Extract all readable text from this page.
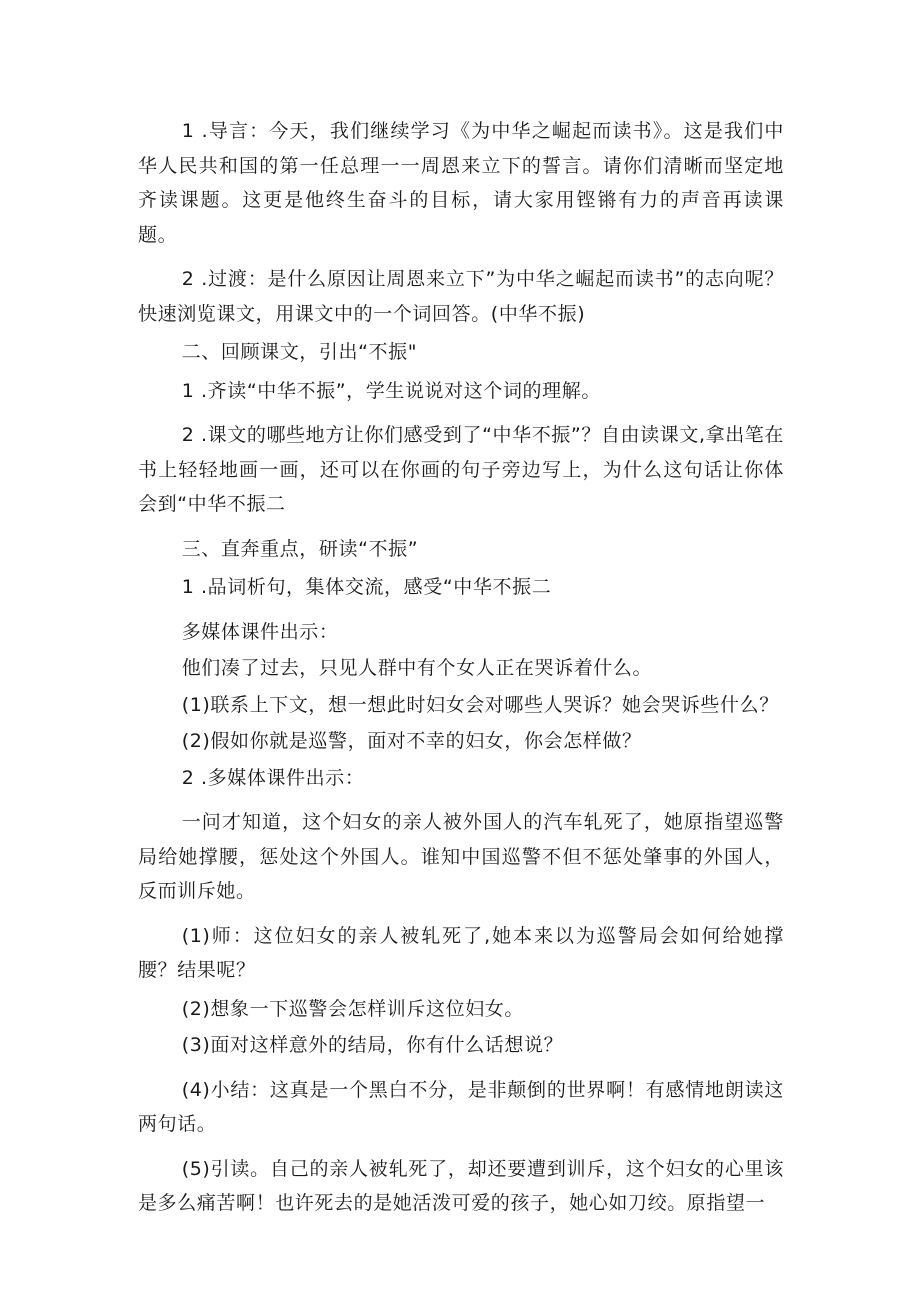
1 .导言：今天，我们继续学习《为中华之崛起而读书》。这是我们中华人民共和国的第一任总理一一周恩来立下的誓言。请你们清晰而坚定地齐读课题。这更是他终生奋斗的目标，请大家用铿锵有力的声音再读课题。

2 .过渡：是什么原因让周恩来立下”为中华之崛起而读书”的志向呢？快速浏览课文，用课文中的一个词回答。(中华不振)

二、回顾课文，引出“不振"

1 .齐读“中华不振”，学生说说对这个词的理解。

2 .课文的哪些地方让你们感受到了“中华不振”？自由读课文,拿出笔在书上轻轻地画一画，还可以在你画的句子旁边写上，为什么这句话让你体会到“中华不振二

三、直奔重点，研读“不振”

1 .品词析句，集体交流，感受“中华不振二

多媒体课件出示：

他们凑了过去，只见人群中有个女人正在哭诉着什么。

(1)联系上下文，想一想此时妇女会对哪些人哭诉？她会哭诉些什么？

(2)假如你就是巡警，面对不幸的妇女，你会怎样做？

2 .多媒体课件出示：

一问才知道，这个妇女的亲人被外国人的汽车轧死了，她原指望巡警局给她撑腰，惩处这个外国人。谁知中国巡警不但不惩处肇事的外国人，反而训斥她。

(1)师：这位妇女的亲人被轧死了,她本来以为巡警局会如何给她撑腰？结果呢？

(2)想象一下巡警会怎样训斥这位妇女。

(3)面对这样意外的结局，你有什么话想说？

(4)小结：这真是一个黑白不分，是非颠倒的世界啊！有感情地朗读这两句话。

(5)引读。自己的亲人被轧死了，却还要遭到训斥，这个妇女的心里该是多么痛苦啊！也许死去的是她活泼可爱的孩子，她心如刀绞。原指望一
